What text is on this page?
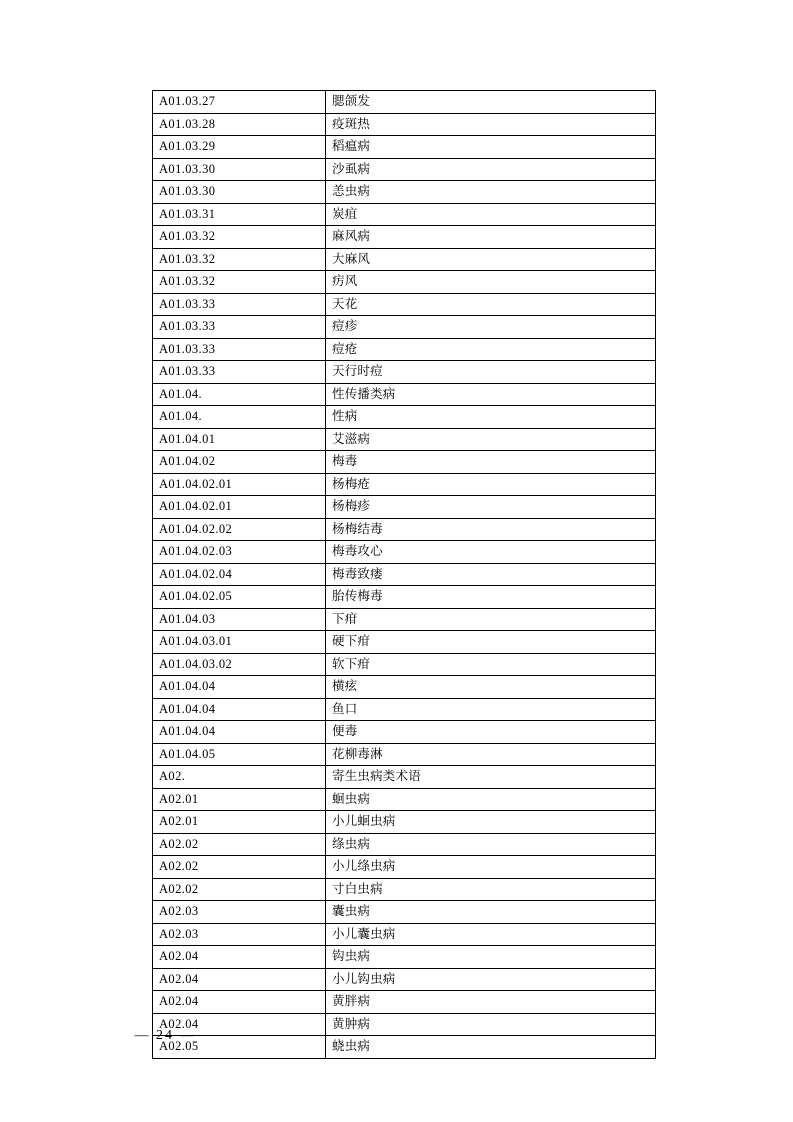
A01.03.27	腮颌发
A01.03.28	疫斑热
A01.03.29	稻瘟病
A01.03.30	沙虱病
A01.03.30	恙虫病
A01.03.31	炭疽
A01.03.32	麻风病
A01.03.32	大麻风
A01.03.32	疠风
A01.03.33	天花
A01.03.33	痘疹
A01.03.33	痘疮
A01.03.33	天行时痘
A01.04.	性传播类病
A01.04.	性病
A01.04.01	艾滋病
A01.04.02	梅毒
A01.04.02.01	杨梅疮
A01.04.02.01	杨梅疹
A01.04.02.02	杨梅结毒
A01.04.02.03	梅毒攻心
A01.04.02.04	梅毒致瘘
A01.04.02.05	胎传梅毒
A01.04.03	下疳
A01.04.03.01	硬下疳
A01.04.03.02	软下疳
A01.04.04	横痃
A01.04.04	鱼口
A01.04.04	便毒
A01.04.05	花柳毒淋
A02.	寄生虫病类术语
A02.01	蛔虫病
A02.01	小儿蛔虫病
A02.02	绦虫病
A02.02	小儿绦虫病
A02.02	寸白虫病
A02.03	囊虫病
A02.03	小儿囊虫病
A02.04	钩虫病
A02.04	小儿钩虫病
A02.04	黄胖病
A02.04	黄肿病
A02.05	蛲虫病
— 24 —
